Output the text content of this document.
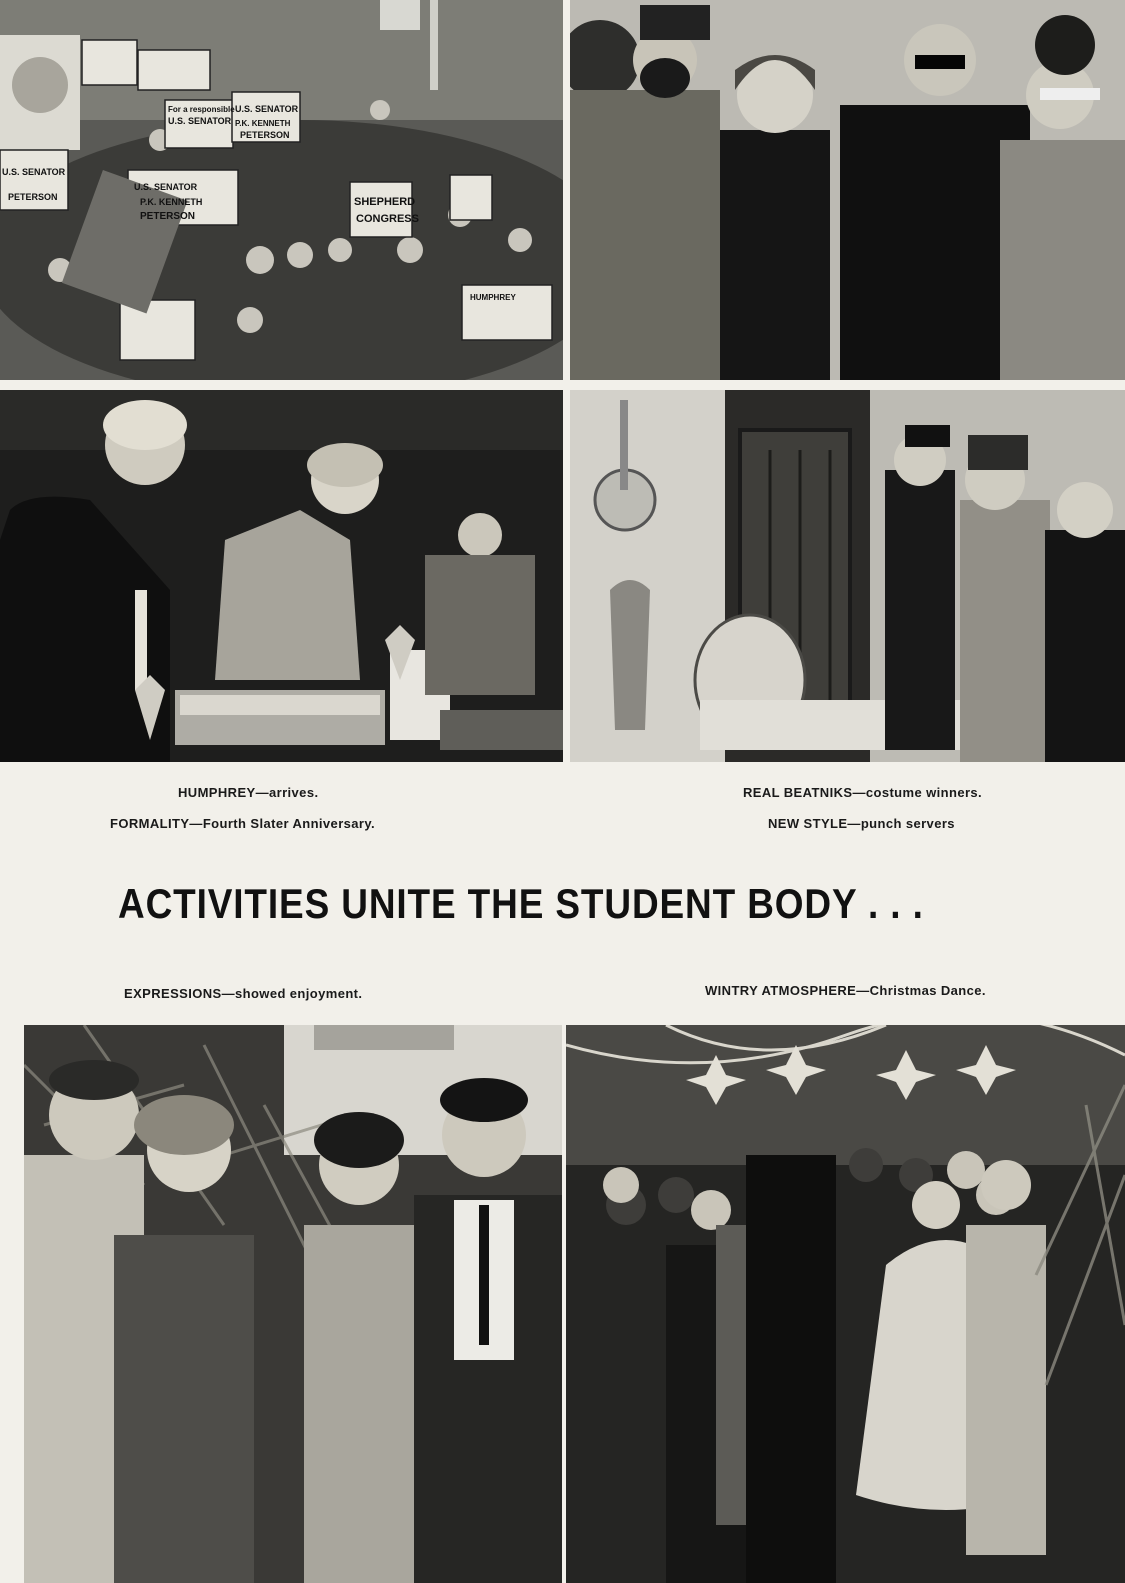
For a responsible
U.S. SENATOR
U.S. SENATOR
P.K. KENNETH
PETERSON
U.S. SENATOR
P.K. KENNETH
PETERSON
U.S. SENATOR
PETERSON	SHEPHERD
CONGRESS
HUMPHREY
HUMPHREY—arrives.
FORMALITY—Fourth Slater Anniversary.
REAL BEATNIKS—costume winners.
NEW STYLE—punch servers
ACTIVITIES UNITE THE STUDENT BODY . . .
EXPRESSIONS—showed enjoyment.	WINTRY ATMOSPHERE—Christmas Dance.
